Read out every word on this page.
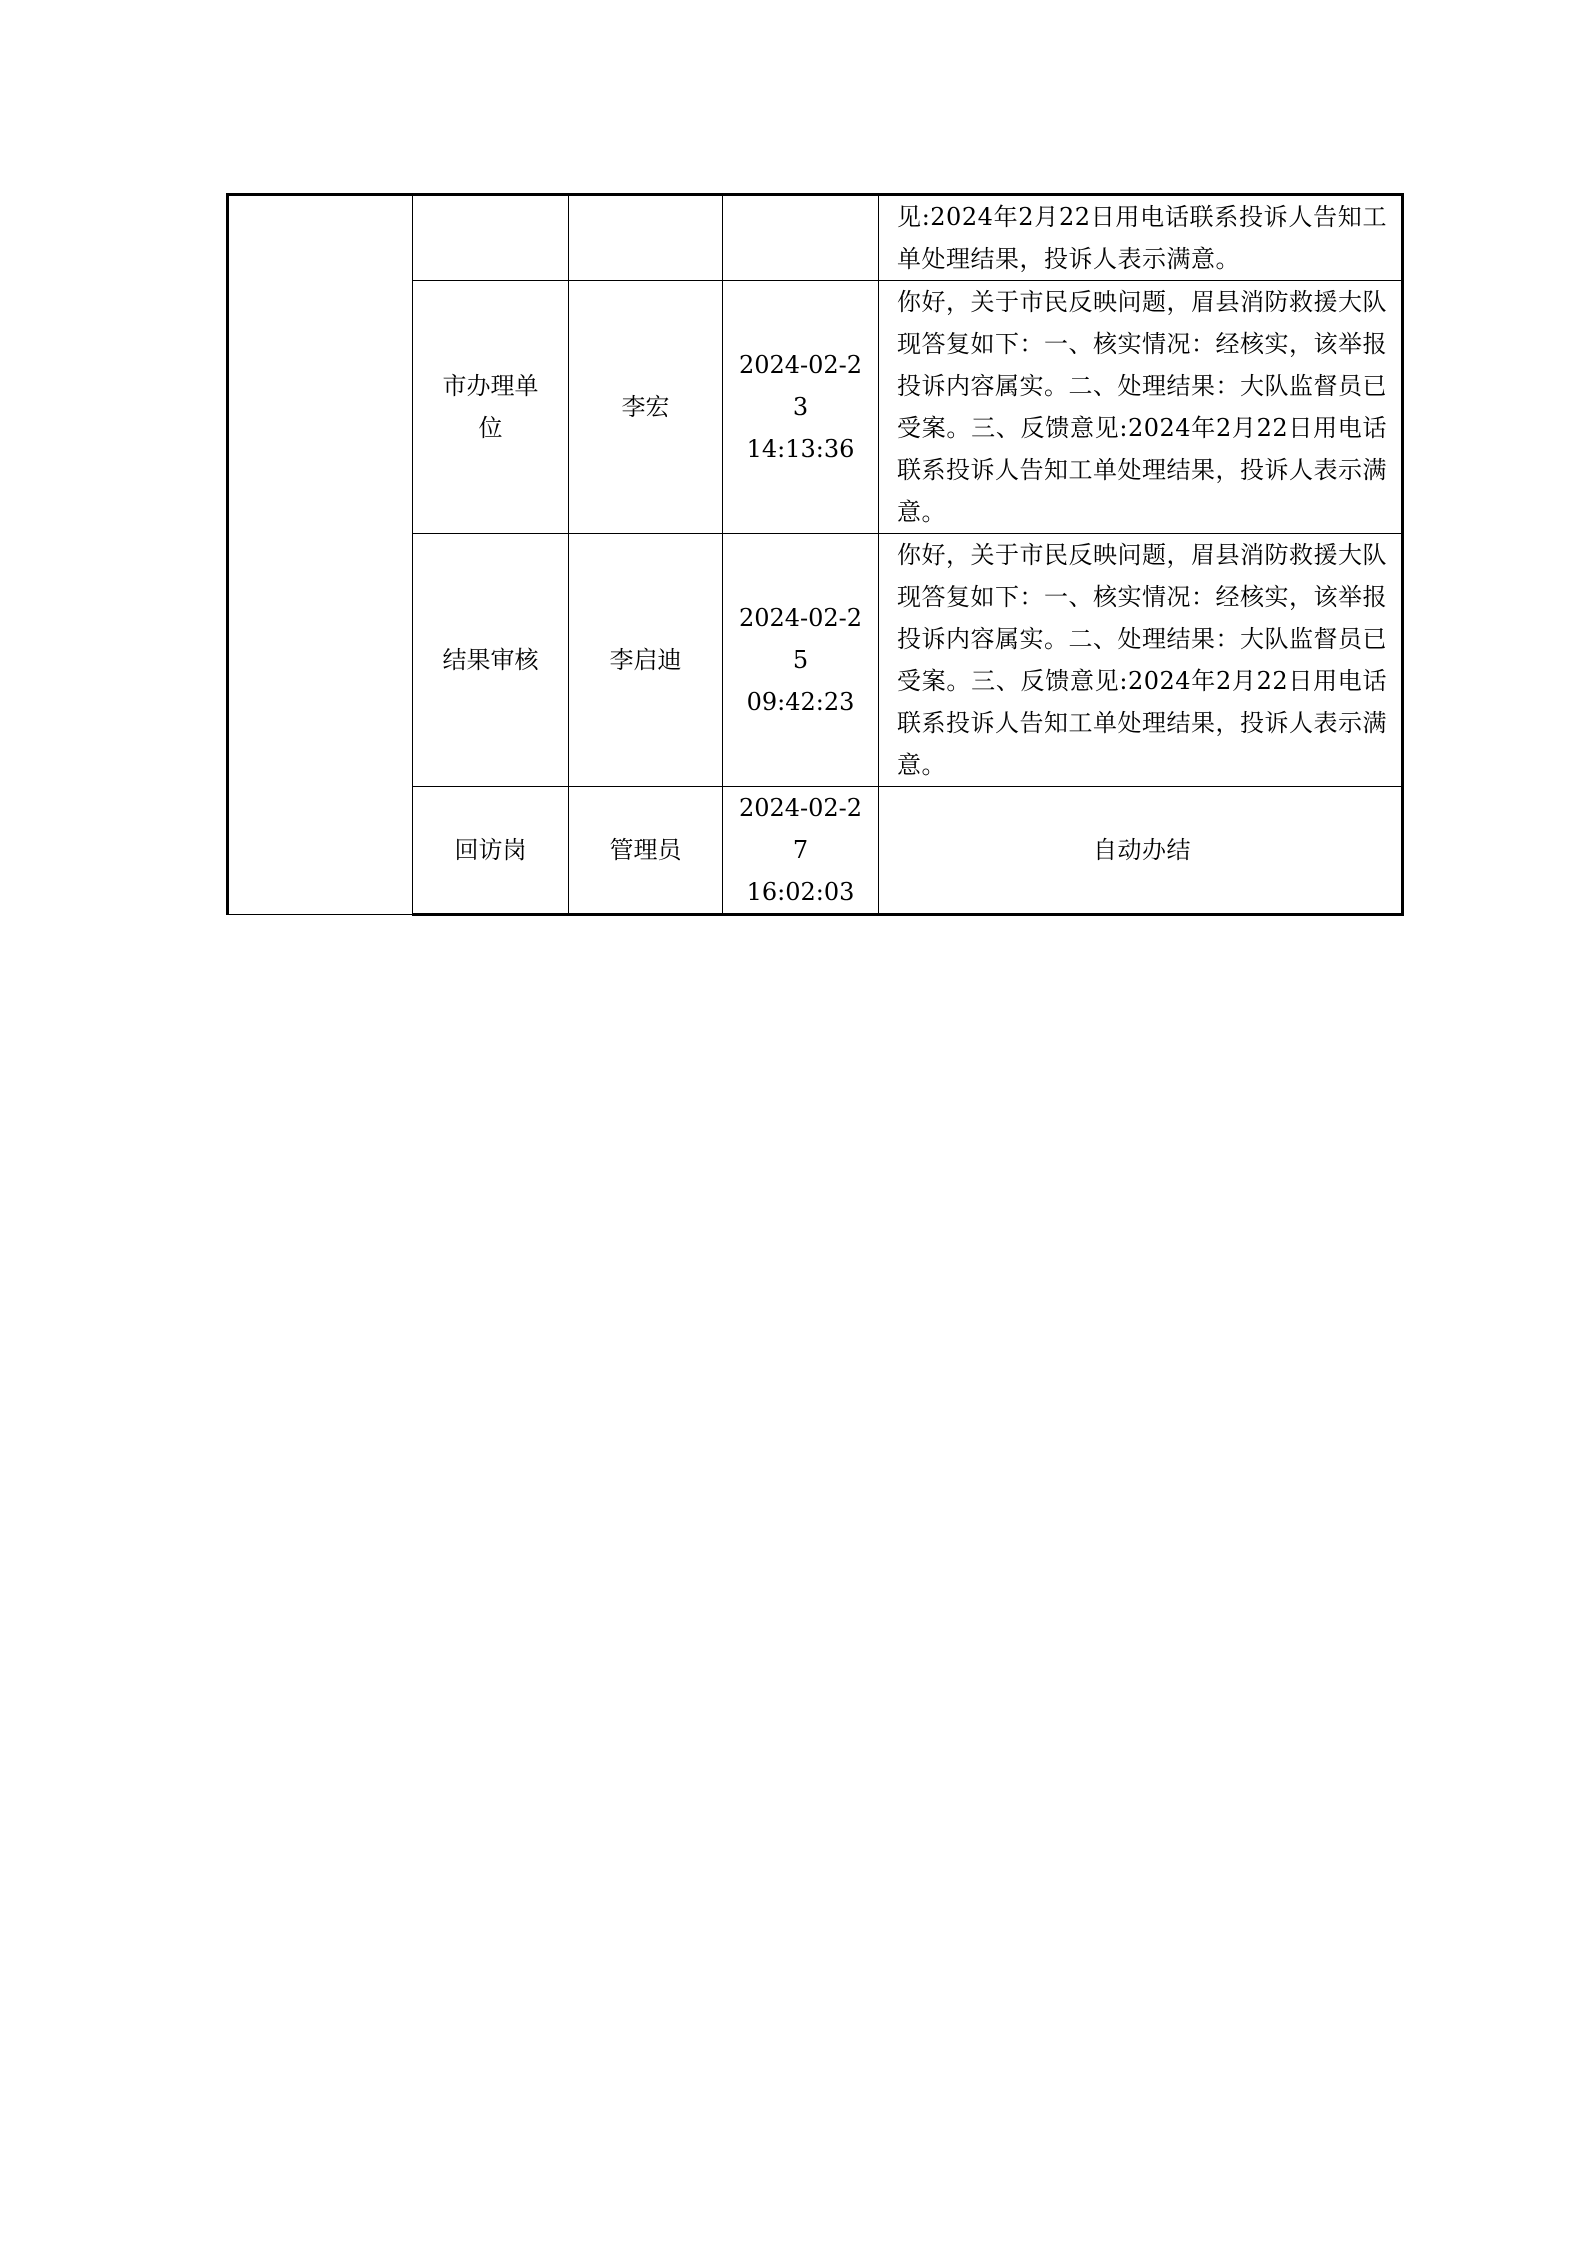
				见:2024年2月22日用电话联系投诉人告知工单处理结果，投诉人表示满意。
	市办理单位	李宏	2024-02-2
3
14:13:36	你好，关于市民反映问题，眉县消防救援大队现答复如下：一、核实情况：经核实，该举报投诉内容属实。二、处理结果：大队监督员已受案。三、反馈意见:2024年2月22日用电话联系投诉人告知工单处理结果，投诉人表示满意。
	结果审核	李启迪	2024-02-2
5
09:42:23	你好，关于市民反映问题，眉县消防救援大队现答复如下：一、核实情况：经核实，该举报投诉内容属实。二、处理结果：大队监督员已受案。三、反馈意见:2024年2月22日用电话联系投诉人告知工单处理结果，投诉人表示满意。
	回访岗	管理员	2024-02-2
7
16:02:03	自动办结
